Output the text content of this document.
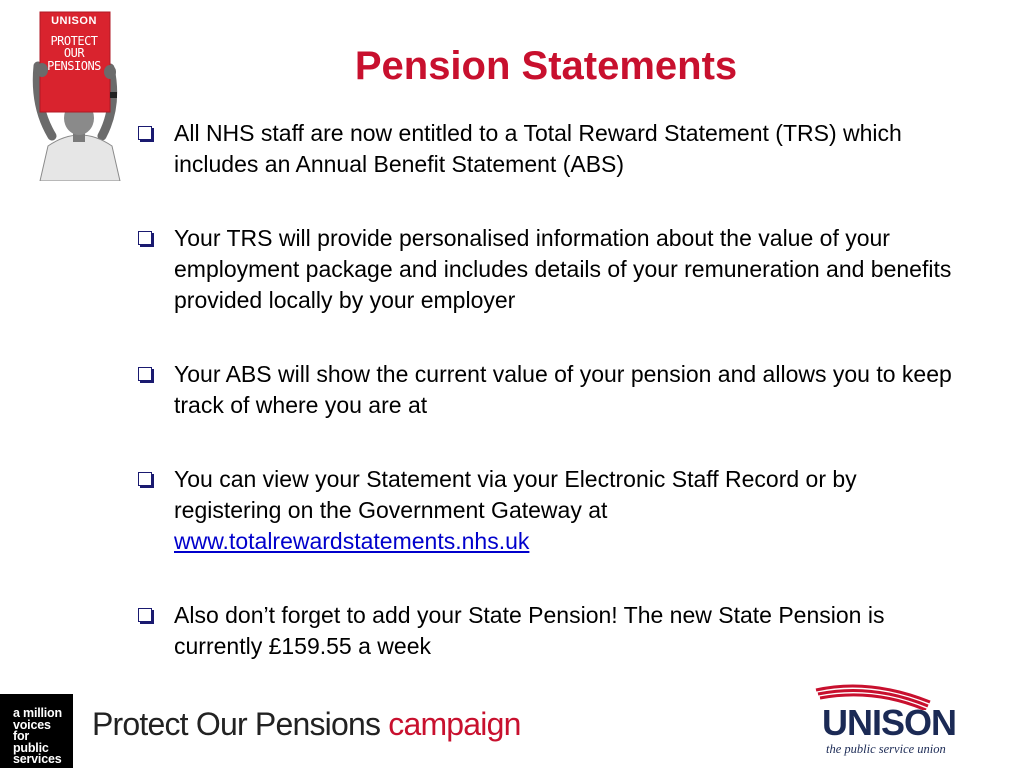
UNISON
PROTECT
OUR
PENSIONS	Pension Statements
All NHS staff are now entitled to a Total Reward Statement (TRS) which includes an Annual Benefit Statement (ABS)
Your TRS will provide personalised information about the value of your employment package and includes details of your remuneration and benefits provided locally by your employer
Your ABS will show the current value of your pension and allows you to keep track of where you are at
You can view your Statement via your Electronic Staff Record or by registering on the Government Gateway at
www.totalrewardstatements.nhs.uk
Also don’t forget to add your State Pension! The new State Pension is currently £159.55 a week
a million
voices
for
public
services
Protect Our Pensions campaign	UNISON
the public service union
